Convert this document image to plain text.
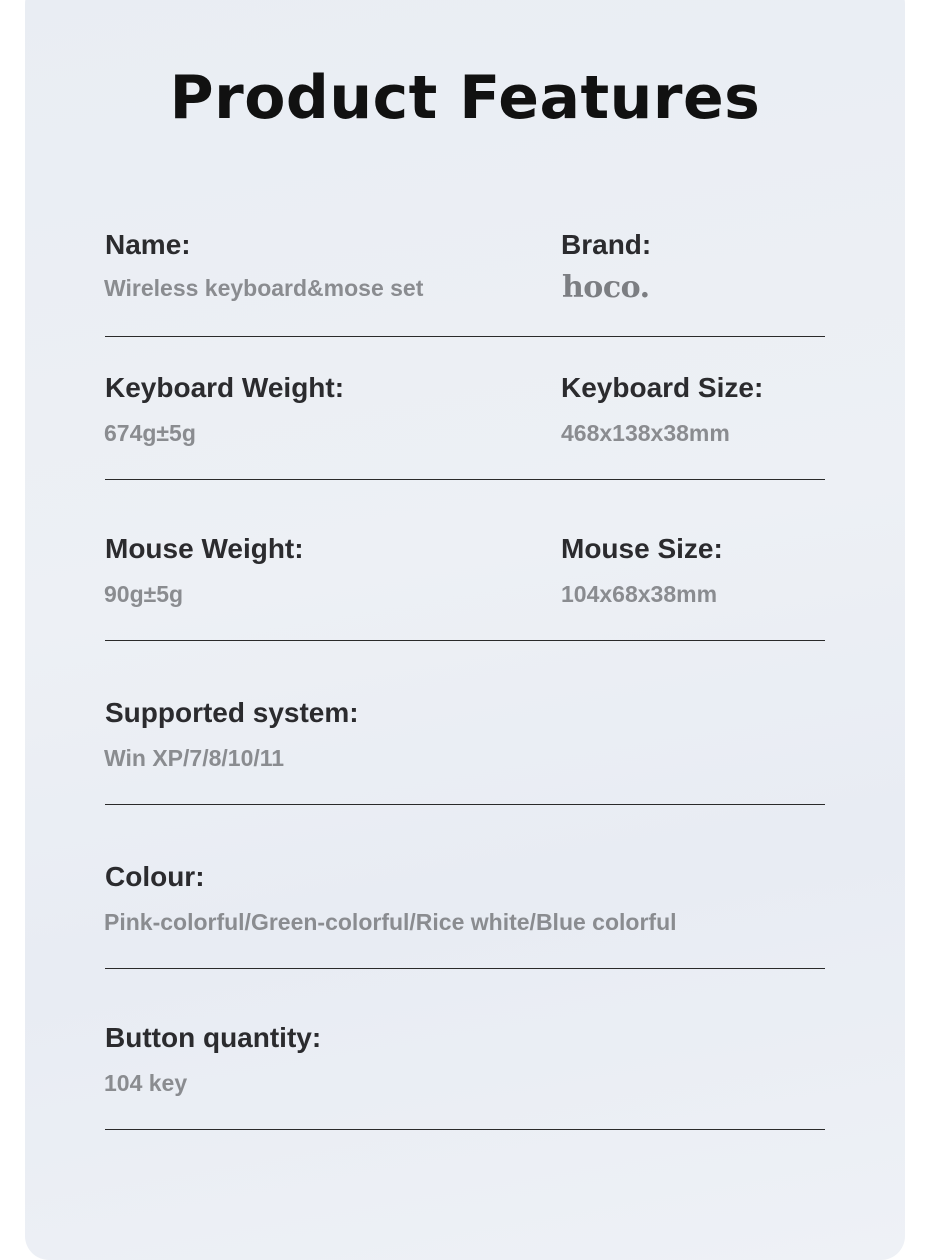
Product Features
Name:
Wireless keyboard&mose set
Brand:
hoco.
Keyboard Weight:
674g±5g
Keyboard Size:
468x138x38mm
Mouse Weight:
90g±5g
Mouse Size:
104x68x38mm
Supported system:
Win XP/7/8/10/11
Colour:
Pink-colorful/Green-colorful/Rice white/Blue colorful
Button quantity:
104 key
